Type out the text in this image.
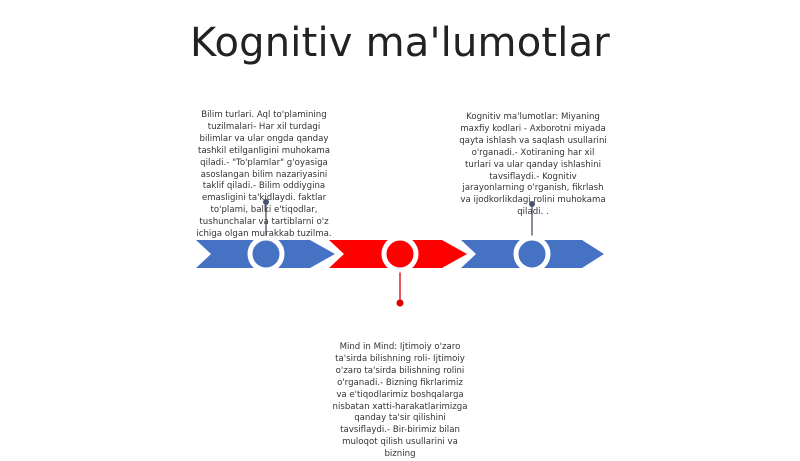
Kognitiv ma'lumotlar
Bilim turlari. Aql to'plamining tuzilmalari- Har xil turdagi bilimlar va ular ongda qanday tashkil etilganligini muhokama qiladi.- "To'plamlar" g'oyasiga asoslangan bilim nazariyasini taklif qiladi.- Bilim oddiygina emasligini ta'kidlaydi. faktlar to'plami, balki e'tiqodlar, tushunchalar va tartiblarni o'z ichiga olgan murakkab tuzilma.
Kognitiv ma'lumotlar: Miyaning maxfiy kodlari - Axborotni miyada qayta ishlash va saqlash usullarini o'rganadi.- Xotiraning har xil turlari va ular qanday ishlashini tavsiflaydi.- Kognitiv jarayonlarning o'rganish, fikrlash va ijodkorlikdagi rolini muhokama qiladi. .
Mind in Mind: Ijtimoiy o'zaro ta'sirda bilishning roli- Ijtimoiy o'zaro ta'sirda bilishning rolini o'rganadi.- Bizning fikrlarimiz va e'tiqodlarimiz boshqalarga nisbatan xatti-harakatlarimizga qanday ta'sir qilishini tavsiflaydi.- Bir-birimiz bilan muloqot qilish usullarini va bizning
